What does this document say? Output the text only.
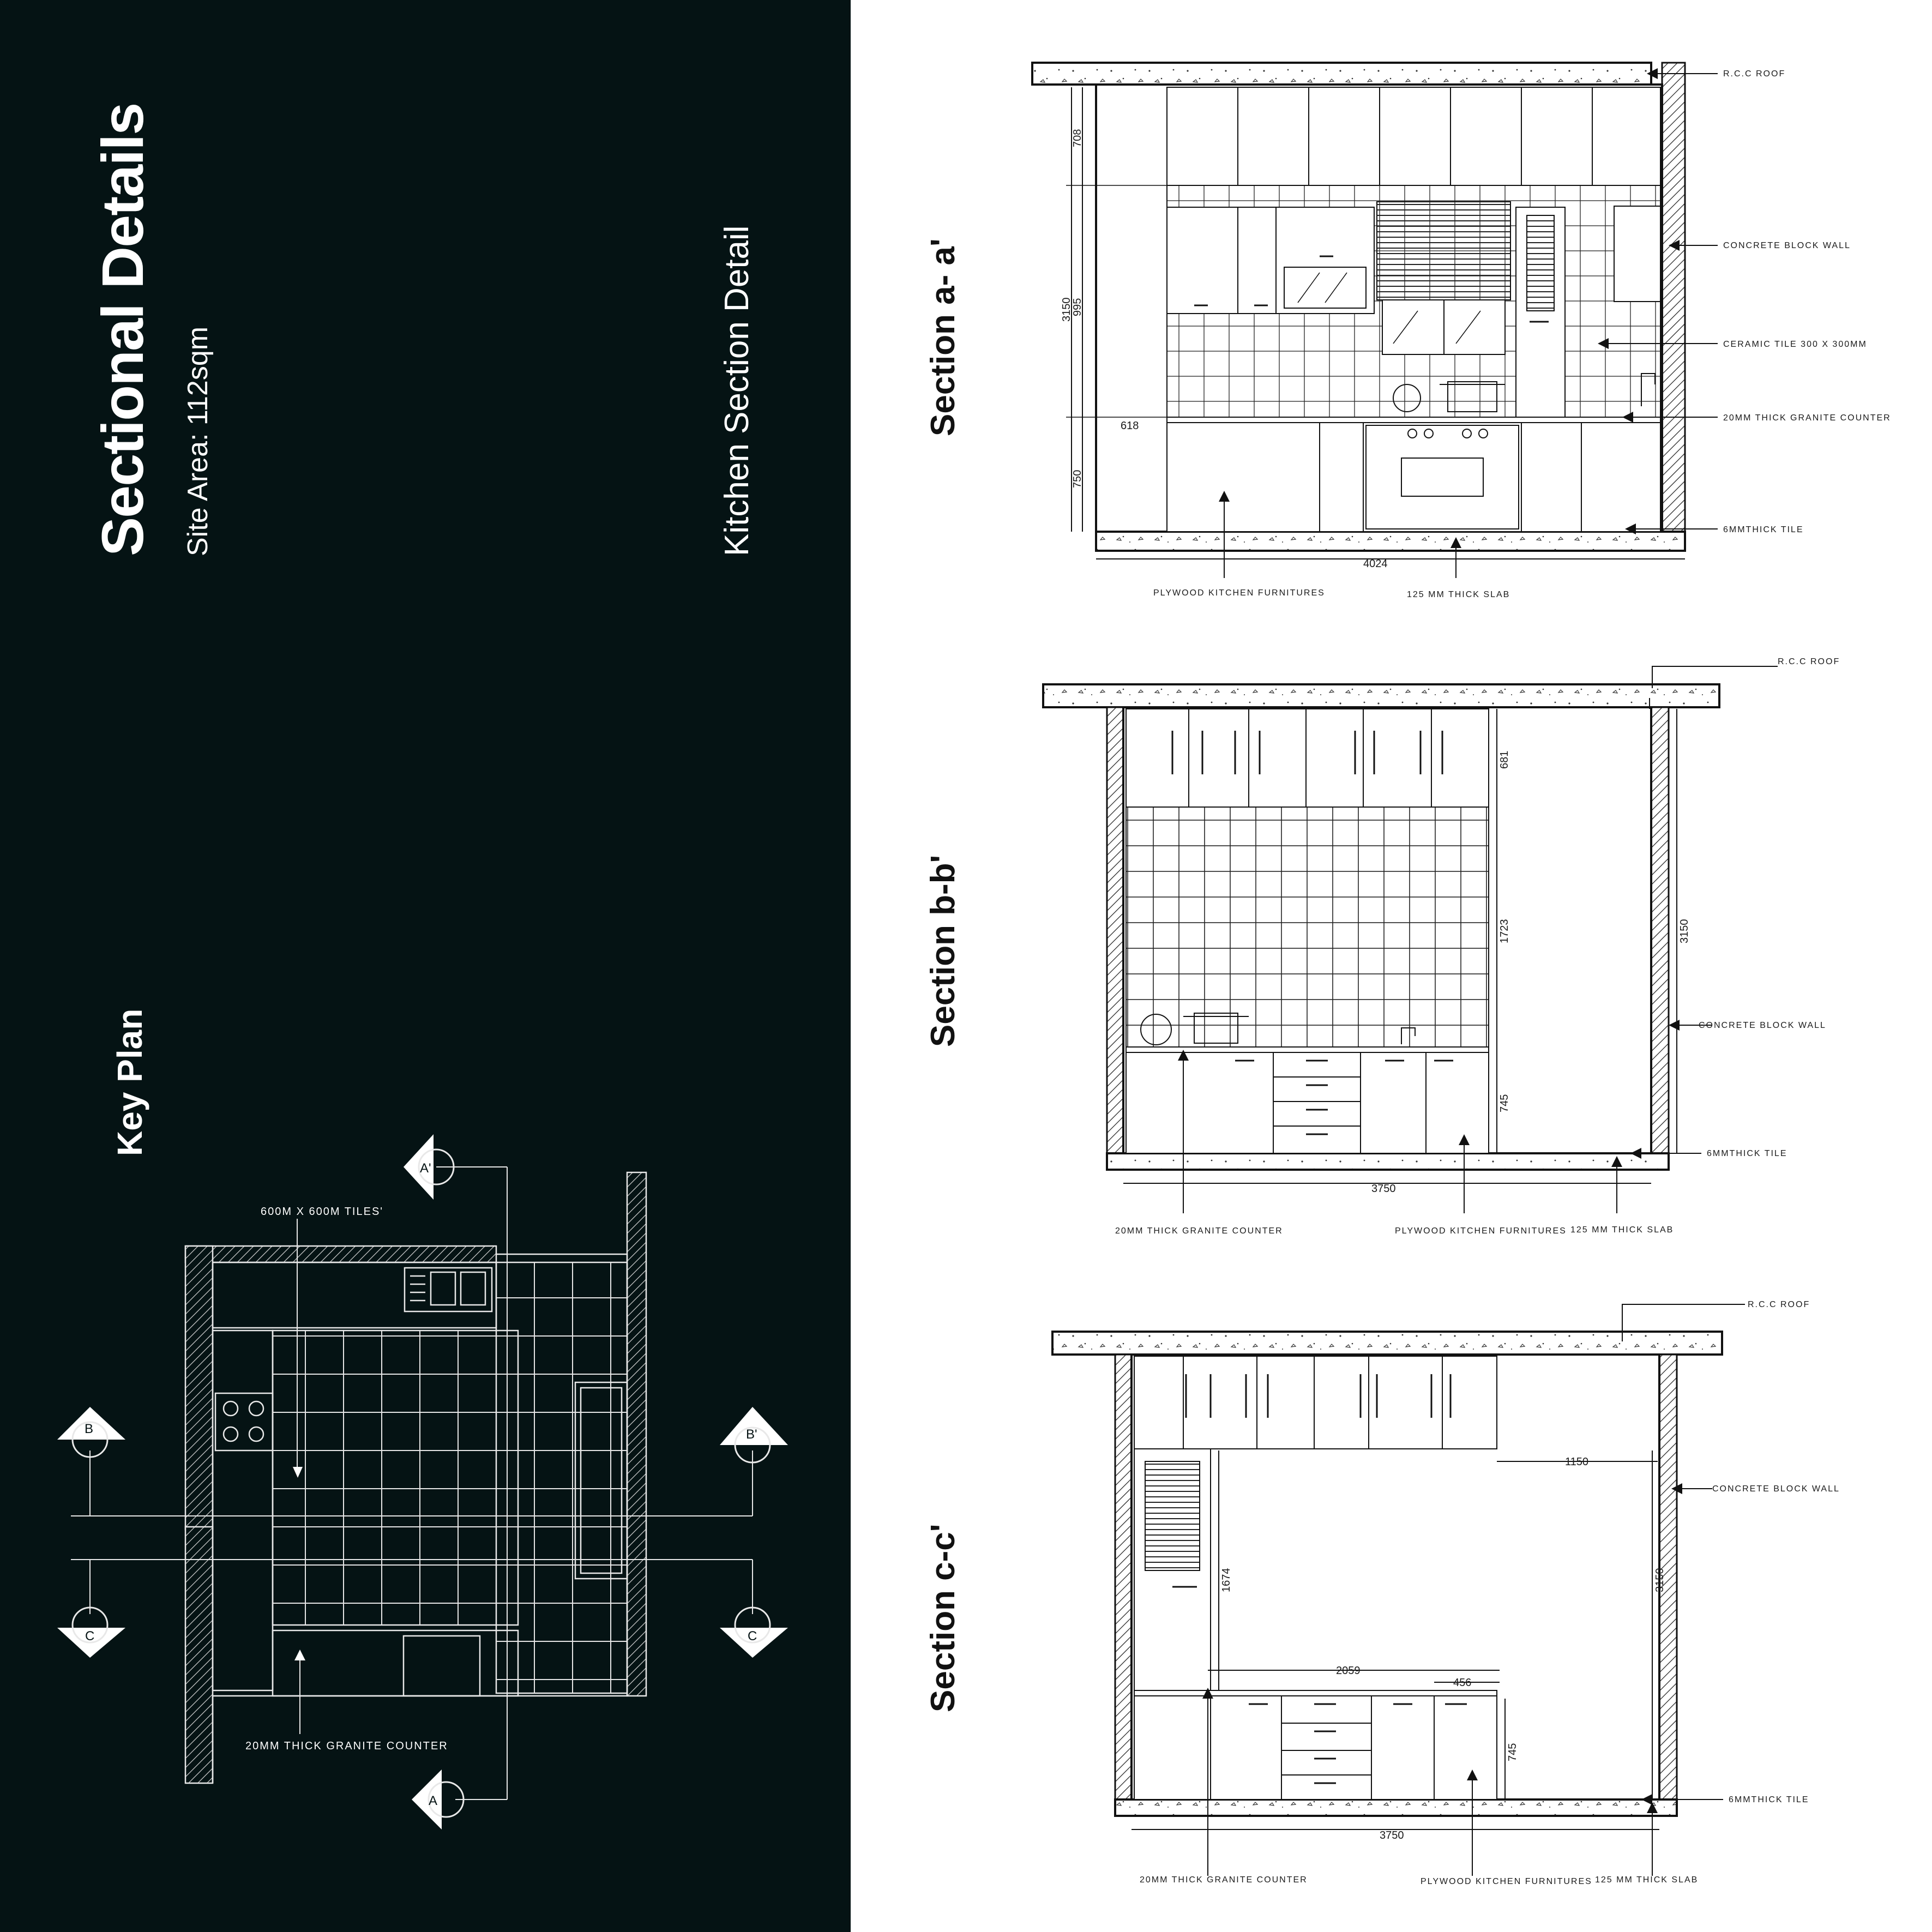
Sectional Details Site Area: 112sqm	Kitchen Section Detail
Key Plan
600M X 600M TILES'
20MM THICK GRANITE COUNTER
A'
A
B	B'
C	C
Section a- a'	3150
708
995
618
750
4024
R.C.C ROOF
CONCRETE BLOCK WALL
CERAMIC TILE 300 X 300MM
20MM THICK GRANITE COUNTER
6MMTHICK TILE
PLYWOOD KITCHEN FURNITURES	125 MM THICK SLAB
Section b-b'
R.C.C ROOF
681
1723
745
3150
3750
CONCRETE BLOCK WALL
6MMTHICK TILE
20MM THICK GRANITE COUNTER	PLYWOOD KITCHEN FURNITURES 125 MM THICK SLAB
Section c-c'
R.C.C ROOF
1150
1674
2059
456
745
3150
3750
CONCRETE BLOCK WALL
6MMTHICK TILE
20MM THICK GRANITE COUNTER	PLYWOOD KITCHEN FURNITURES 125 MM THICK SLAB
